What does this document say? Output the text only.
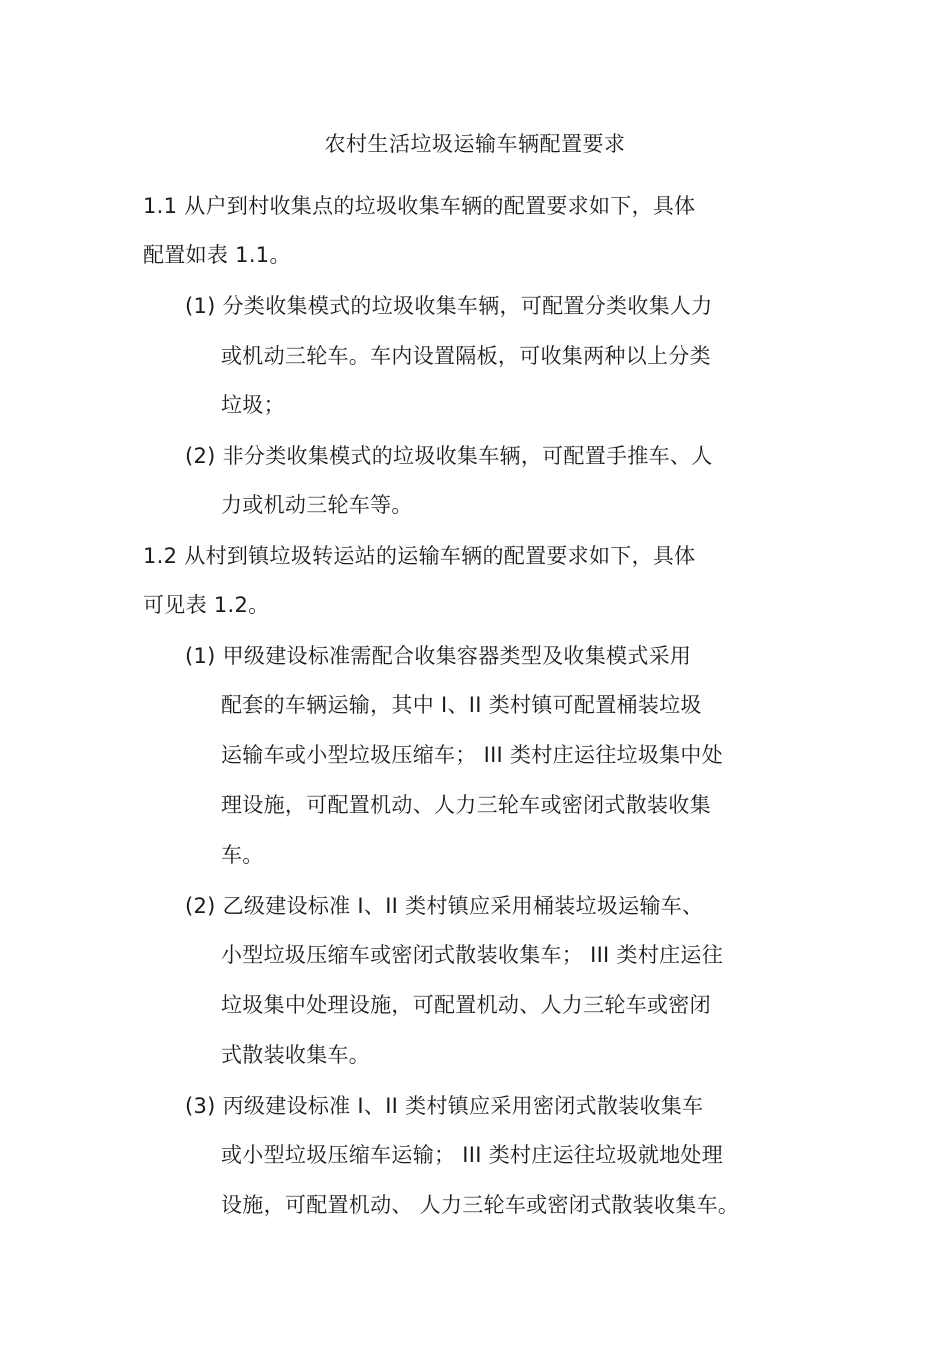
农村生活垃圾运输车辆配置要求
1.1 从户到村收集点的垃圾收集车辆的配置要求如下，具体
配置如表 1.1。
(1) 分类收集模式的垃圾收集车辆，可配置分类收集人力
或机动三轮车。车内设置隔板，可收集两种以上分类
垃圾；
(2) 非分类收集模式的垃圾收集车辆，可配置手推车、人
力或机动三轮车等。
1.2 从村到镇垃圾转运站的运输车辆的配置要求如下，具体
可见表 1.2。
(1) 甲级建设标准需配合收集容器类型及收集模式采用
配套的车辆运输，其中 I、II 类村镇可配置桶装垃圾
运输车或小型垃圾压缩车； III 类村庄运往垃圾集中处
理设施，可配置机动、人力三轮车或密闭式散装收集
车。
(2) 乙级建设标准 I、II 类村镇应采用桶装垃圾运输车、
小型垃圾压缩车或密闭式散装收集车； III 类村庄运往
垃圾集中处理设施，可配置机动、人力三轮车或密闭
式散装收集车。
(3) 丙级建设标准 I、II 类村镇应采用密闭式散装收集车
或小型垃圾压缩车运输； III 类村庄运往垃圾就地处理
设施，可配置机动、 人力三轮车或密闭式散装收集车。
